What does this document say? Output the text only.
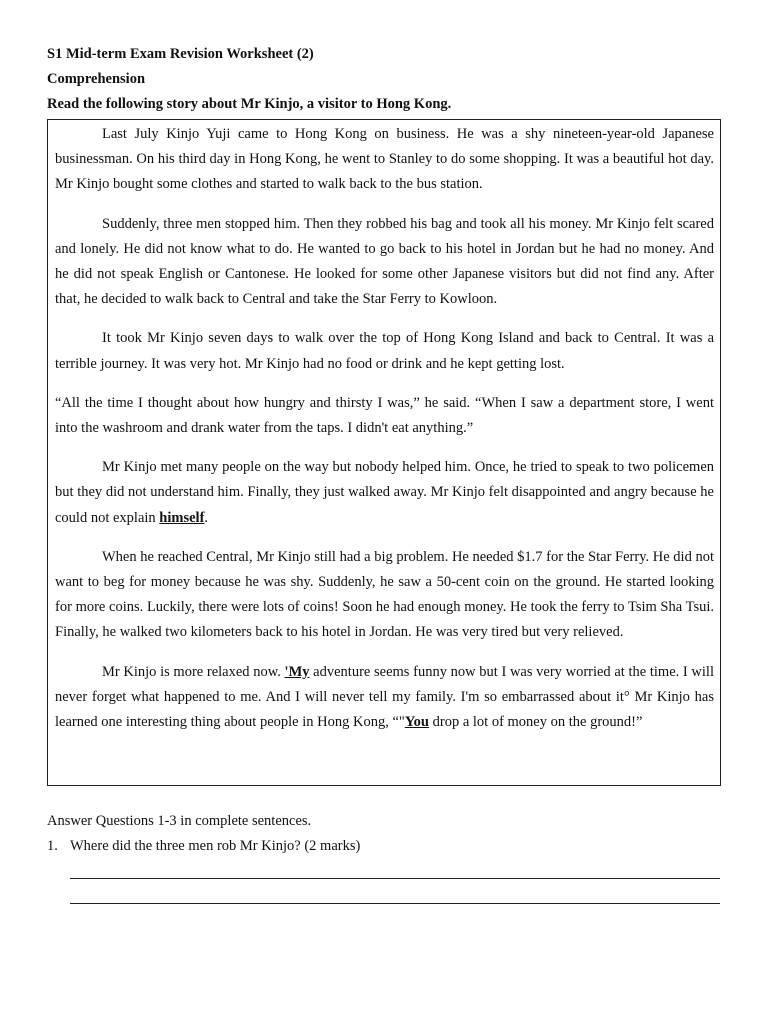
S1 Mid-term Exam Revision Worksheet (2)
Comprehension
Read the following story about Mr Kinjo, a visitor to Hong Kong.

Last July Kinjo Yuji came to Hong Kong on business. He was a shy nineteen-year-old Japanese businessman. On his third day in Hong Kong, he went to Stanley to do some shopping. It was a beautiful hot day. Mr Kinjo bought some clothes and started to walk back to the bus station.

Suddenly, three men stopped him. Then they robbed his bag and took all his money. Mr Kinjo felt scared and lonely. He did not know what to do. He wanted to go back to his hotel in Jordan but he had no money. And he did not speak English or Cantonese. He looked for some other Japanese visitors but did not find any. After that, he decided to walk back to Central and take the Star Ferry to Kowloon.

It took Mr Kinjo seven days to walk over the top of Hong Kong Island and back to Central. It was a terrible journey. It was very hot. Mr Kinjo had no food or drink and he kept getting lost.

“All the time I thought about how hungry and thirsty I was,” he said. “When I saw a department store, I went into the washroom and drank water from the taps. I didn't eat anything.”

Mr Kinjo met many people on the way but nobody helped him. Once, he tried to speak to two policemen but they did not understand him. Finally, they just walked away. Mr Kinjo felt disappointed and angry because he could not explain himself.

When he reached Central, Mr Kinjo still had a big problem. He needed $1.7 for the Star Ferry. He did not want to beg for money because he was shy. Suddenly, he saw a 50-cent coin on the ground. He started looking for more coins. Luckily, there were lots of coins! Soon he had enough money. He took the ferry to Tsim Sha Tsui. Finally, he walked two kilometers back to his hotel in Jordan. He was very tired but very relieved.

Mr Kinjo is more relaxed now. 'My adventure seems funny now but I was very worried at the time. I will never forget what happened to me. And I will never tell my family. I'm so embarrassed about it° Mr Kinjo has learned one interesting thing about people in Hong Kong, “"You drop a lot of money on the ground!”

Answer Questions 1-3 in complete sentences.
1. Where did the three men rob Mr Kinjo? (2 marks)
